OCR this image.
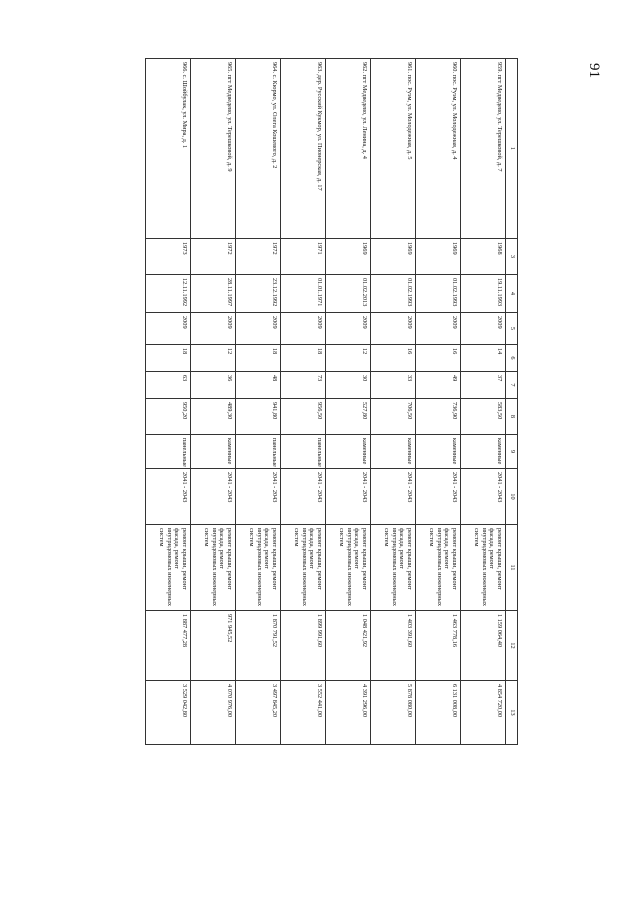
91
1	3	4	5	6	7	8	9	10	11	12	13
959. пгт Медведево, ул. Терешковой, д. 7	1968	19.11.1993	2009	14	37	583,50	каменные	2041 - 2043	ремонт крыши, ремонт фасада, ремонт внутридомовых инженерных систем	1 159 064,40	4 854 720,00
960. пос. Руэм, ул. Молодежная, д. 4	1969	01.02.1993	2009	16	49	736,90	каменные	2041 - 2043	ремонт крыши, ремонт фасада, ремонт внутридомовых инженерных систем	1 463 778,16	6 131 008,00
961. пос. Руэм, ул. Молодежная, д. 5	1969	01.02.1993	2009	16	33	706,50	каменные	2041 - 2043	ремонт крыши, ремонт фасада, ремонт внутридомовых инженерных систем	1 403 391,60	5 878 080,00
962. пгт Медведево, ул. Ленина, д. 4	1969	01.02.2013	2009	12	30	527,80	каменные	2041 - 2043	ремонт крыши, ремонт фасада, ремонт внутридомовых инженерных систем	1 048 421,92	4 391 296,00
963. дер. Русский Кукмор, ул. Пионерская, д. 17	1971	01.01.1971	2009	18	73	956,50	панельные	2041 - 2043	ремонт крыши, ремонт фасада, ремонт внутридомовых инженерных систем	1 899 991,60	3 552 441,00
964. с. Кюрмо, ул. Олега Кошевого, д. 2	1972	23.12.1992	2009	18	48	941,80	панельные	2041 - 2043	ремонт крыши, ремонт фасада, ремонт внутридомовых инженерных систем	1 870 791,52	3 497 845,20
965. пгт Медведево, ул. Терешковой, д. 9	1972	28.11.1997	2009	12	36	489,30	каменные	2041 - 2043	ремонт крыши, ремонт фасада, ремонт внутридомовых инженерных систем	971 945,52	4 070 976,00
966. с. Шойбулак, ул. Мира, д. 1	1973	12.11.1992	2009	18	63	950,20	панельные	2041 - 2043	ремонт крыши, ремонт фасада, ремонт внутридомовых инженерных систем	1 887 477,28	3 529 042,80
